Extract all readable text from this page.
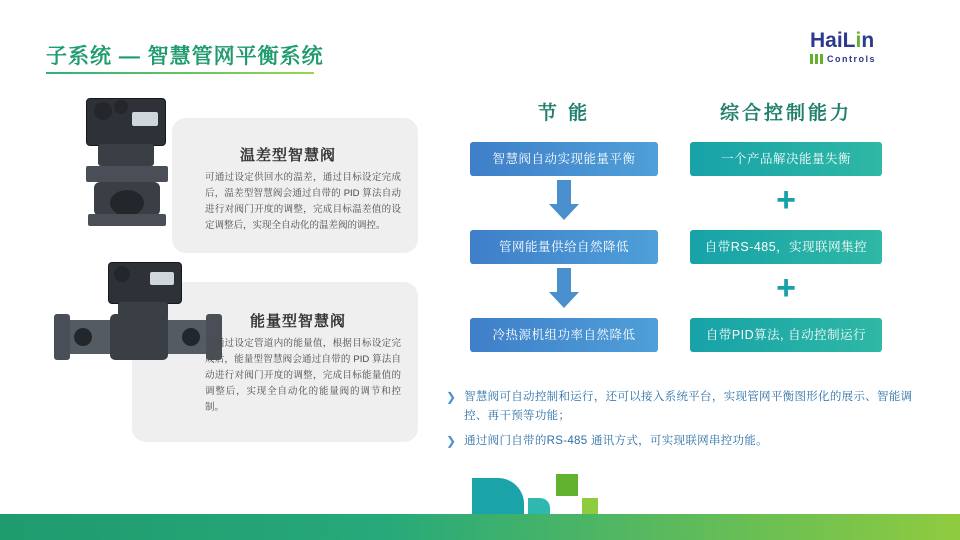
子系统 — 智慧管网平衡系统
HaiLin
Controls
温差型智慧阀
可通过设定供回水的温差，通过目标设定完成后，温差型智慧阀会通过自带的 PID 算法自动进行对阀门开度的调整，完成目标温差值的设定调整后，实现全自动化的温差阀的调控。
能量型智慧阀
可通过设定管道内的能量值，根据目标设定完成后，能量型智慧阀会通过自带的 PID 算法自动进行对阀门开度的调整，完成目标能量值的调整后，实现全自动化的能量阀的调节和控制。
节 能
智慧阀自动实现能量平衡
管网能量供给自然降低
冷热源机组功率自然降低
综合控制能力
一个产品解决能量失衡
+
自带RS-485，实现联网集控
+
自带PID算法, 自动控制运行
❯ 智慧阀可自动控制和运行，还可以接入系统平台，实现管网平衡图形化的展示、智能调控、再干预等功能；
❯ 通过阀门自带的RS-485 通讯方式，可实现联网串控功能。
